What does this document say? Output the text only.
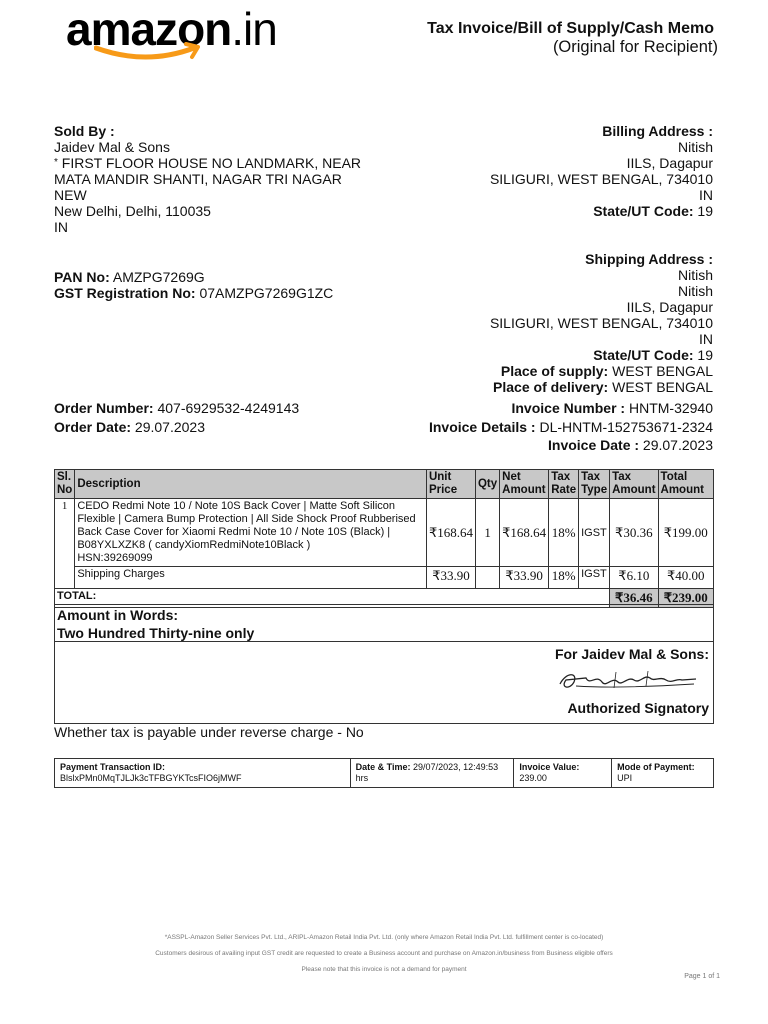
amazon.in	Tax Invoice/Bill of Supply/Cash Memo
(Original for Recipient)
Sold By :
Jaidev Mal & Sons
* FIRST FLOOR HOUSE NO LANDMARK, NEAR
MATA MANDIR SHANTI, NAGAR TRI NAGAR
NEW
New Delhi, Delhi, 110035
IN
PAN No: AMZPG7269G
GST Registration No: 07AMZPG7269G1ZC
Order Number: 407-6929532-4249143
Order Date: 29.07.2023
Billing Address :
Nitish
IILS, Dagapur
SILIGURI, WEST BENGAL, 734010
IN
State/UT Code: 19
Shipping Address :
Nitish
Nitish
IILS, Dagapur
SILIGURI, WEST BENGAL, 734010
IN
State/UT Code: 19
Place of supply: WEST BENGAL
Place of delivery: WEST BENGAL
Invoice Number : HNTM-32940
Invoice Details : DL-HNTM-152753671-2324
Invoice Date : 29.07.2023
Sl. No	Description	Unit Price	Qty	Net Amount	Tax Rate	Tax Type	Tax Amount	Total Amount
1	CEDO Redmi Note 10 / Note 10S Back Cover | Matte Soft Silicon
Flexible | Camera Bump Protection | All Side Shock Proof Rubberised
Back Case Cover for Xiaomi Redmi Note 10 / Note 10S (Black) |
B08YXLXZK8 ( candyXiomRedmiNote10Black )
HSN:39269099	₹168.64	1	₹168.64	18%	IGST	₹30.36	₹199.00
	Shipping Charges	₹33.90		₹33.90	18%	IGST	₹6.10	₹40.00
TOTAL:							₹36.46	₹239.00
Amount in Words:
Two Hundred Thirty-nine only
For Jaidev Mal & Sons:
Authorized Signatory
Whether tax is payable under reverse charge - No
Payment Transaction ID:
BlslxPMn0MqTJLJk3cTFBGYKTcsFIO6jMWF

Date & Time: 29/07/2023, 12:49:53
hrs

Invoice Value:
239.00

Mode of Payment:
UPI
*ASSPL-Amazon Seller Services Pvt. Ltd., ARIPL-Amazon Retail India Pvt. Ltd. (only where Amazon Retail India Pvt. Ltd. fulfillment center is co-located)
Customers desirous of availing input GST credit are requested to create a Business account and purchase on Amazon.in/business from Business eligible offers
Please note that this invoice is not a demand for payment
Page 1 of 1
